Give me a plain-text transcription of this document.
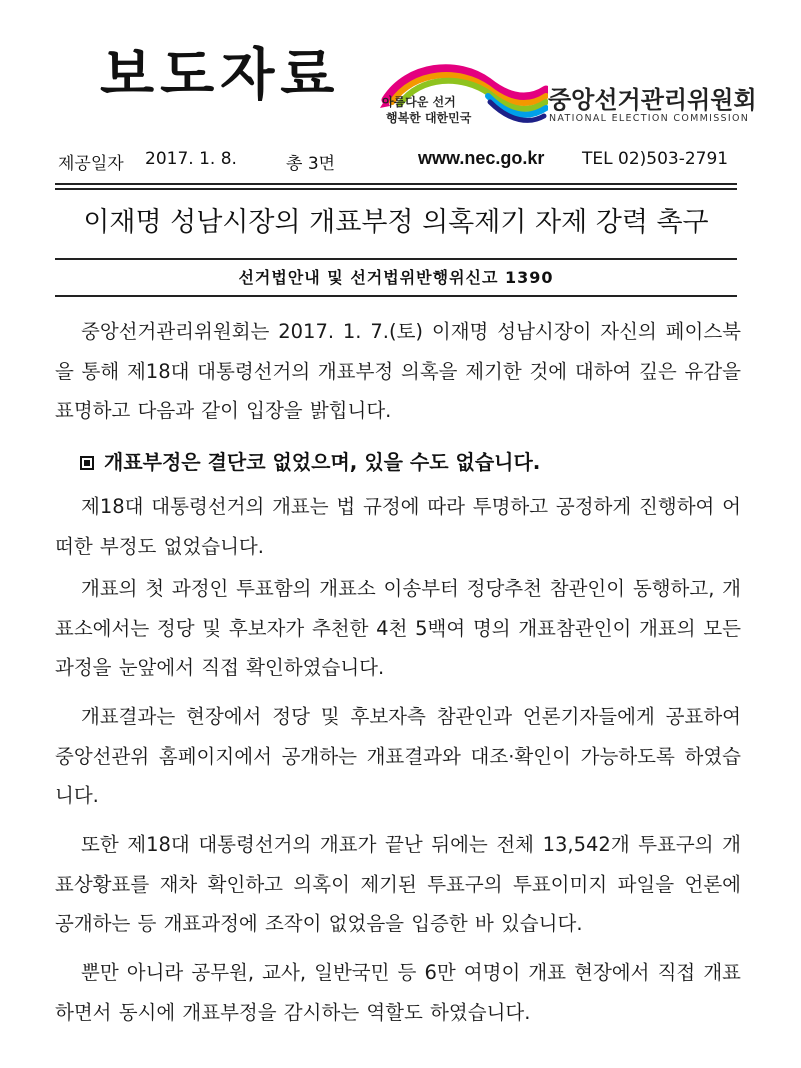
보도자료	아름다운 선거
행복한 대한민국
중앙선거관리위원회
NATIONAL ELECTION COMMISSION
제공일자 2017. 1. 8.	총 3면	www.nec.go.kr TEL 02)503-2791
이재명 성남시장의 개표부정 의혹제기 자제 강력 촉구
선거법안내 및 선거법위반행위신고 1390
중앙선거관리위원회는 2017. 1. 7.(토) 이재명 성남시장이 자신의 페이스북을 통해 제18대 대통령선거의 개표부정 의혹을 제기한 것에 대하여 깊은 유감을 표명하고 다음과 같이 입장을 밝힙니다.
개표부정은 결단코 없었으며, 있을 수도 없습니다.
제18대 대통령선거의 개표는 법 규정에 따라 투명하고 공정하게 진행하여 어떠한 부정도 없었습니다.
개표의 첫 과정인 투표함의 개표소 이송부터 정당추천 참관인이 동행하고, 개표소에서는 정당 및 후보자가 추천한 4천 5백여 명의 개표참관인이 개표의 모든 과정을 눈앞에서 직접 확인하였습니다.
개표결과는 현장에서 정당 및 후보자측 참관인과 언론기자들에게 공표하여 중앙선관위 홈페이지에서 공개하는 개표결과와 대조·확인이 가능하도록 하였습니다.
또한 제18대 대통령선거의 개표가 끝난 뒤에는 전체 13,542개 투표구의 개표상황표를 재차 확인하고 의혹이 제기된 투표구의 투표이미지 파일을 언론에 공개하는 등 개표과정에 조작이 없었음을 입증한 바 있습니다.
뿐만 아니라 공무원, 교사, 일반국민 등 6만 여명이 개표 현장에서 직접 개표하면서 동시에 개표부정을 감시하는 역할도 하였습니다.
